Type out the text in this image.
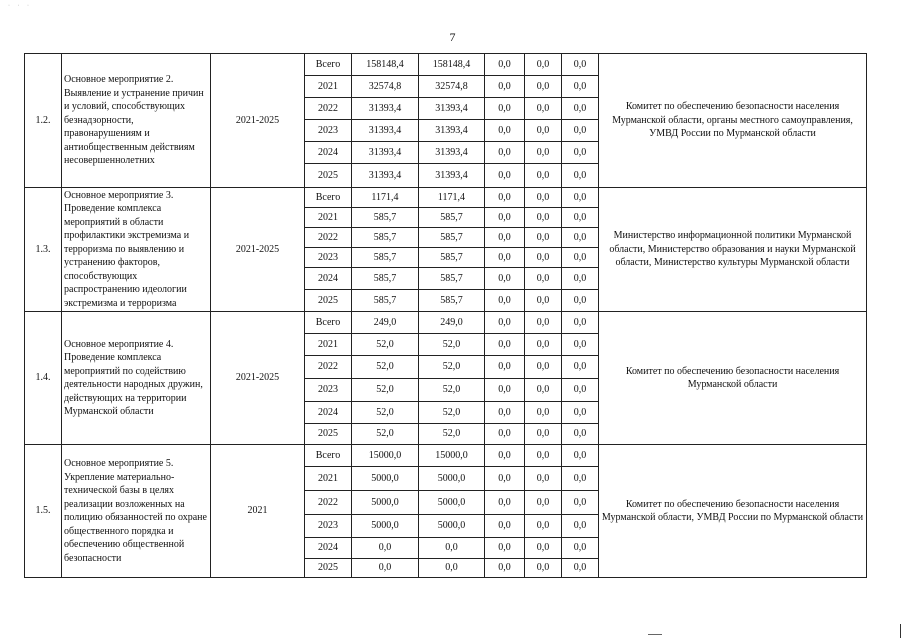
· · ·
7
1.2.	Основное мероприятие 2. Выявление и устранение причин и условий, способствующих безнадзорности, правонарушениям и антиобщественным действиям несовершеннолетних	2021-2025	Всего	158148,4	158148,4	0,0	0,0	0,0	Комитет по обеспечению безопасности населения Мурманской области, органы местного самоуправления, УМВД России по Мурманской области
			2021	32574,8	32574,8	0,0	0,0	0,0	
			2022	31393,4	31393,4	0,0	0,0	0,0	
			2023	31393,4	31393,4	0,0	0,0	0,0	
			2024	31393,4	31393,4	0,0	0,0	0,0	
			2025	31393,4	31393,4	0,0	0,0	0,0	
1.3.	Основное мероприятие 3. Проведение комплекса мероприятий в области профилактики экстремизма и терроризма по выявлению и устранению факторов, способствующих распространению идеологии экстремизма и терроризма	2021-2025	Всего	1171,4	1171,4	0,0	0,0	0,0	Министерство информационной политики Мурманской области, Министерство образования и науки Мурманской области, Министерство культуры Мурманской области
			2021	585,7	585,7	0,0	0,0	0,0	
			2022	585,7	585,7	0,0	0,0	0,0	
			2023	585,7	585,7	0,0	0,0	0,0	
			2024	585,7	585,7	0,0	0,0	0,0	
			2025	585,7	585,7	0,0	0,0	0,0	
1.4.	Основное мероприятие 4. Проведение комплекса мероприятий по содействию деятельности народных дружин, действующих на территории Мурманской области	2021-2025	Всего	249,0	249,0	0,0	0,0	0,0	Комитет по обеспечению безопасности населения Мурманской области
			2021	52,0	52,0	0,0	0,0	0,0	
			2022	52,0	52,0	0,0	0,0	0,0	
			2023	52,0	52,0	0,0	0,0	0,0	
			2024	52,0	52,0	0,0	0,0	0,0	
			2025	52,0	52,0	0,0	0,0	0,0	
1.5.	Основное мероприятие 5. Укрепление материально-технической базы в целях реализации возложенных на полицию обязанностей по охране общественного порядка и обеспечению общественной безопасности	2021	Всего	15000,0	15000,0	0,0	0,0	0,0	Комитет по обеспечению безопасности населения Мурманской области, УМВД России по Мурманской области
			2021	5000,0	5000,0	0,0	0,0	0,0	
			2022	5000,0	5000,0	0,0	0,0	0,0	
			2023	5000,0	5000,0	0,0	0,0	0,0	
			2024	0,0	0,0	0,0	0,0	0,0	
			2025	0,0	0,0	0,0	0,0	0,0	
